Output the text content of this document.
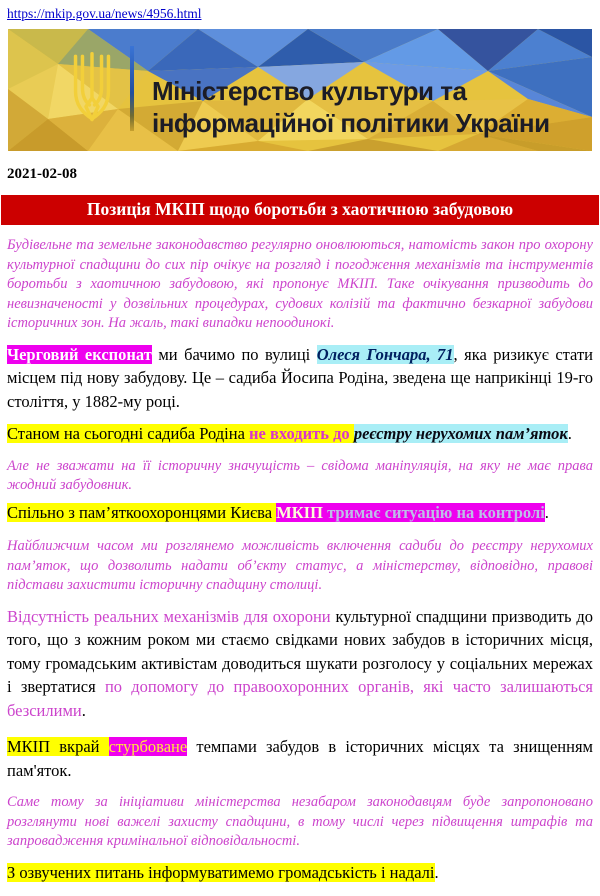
https://mkip.gov.ua/news/4956.html
Міністерство культури та
інформаційної політики України
2021-02-08
Позиція МКІП щодо боротьби з хаотичною забудовою

Будівельне та земельне законодавство регулярно оновлюються, натомість закон про охорону культурної спадщини до сих пір очікує на розгляд і погодження механізмів та інструментів боротьби з хаотичною забудовою, які пропонує МКІП. Таке очікування призводить до невизначеності у дозвільних процедурах, судових колізій та фактично безкарної забудови історичних зон. На жаль, такі випадки непоодинокі.

Черговий експонат ми бачимо по вулиці Олеся Гончара, 71, яка ризикує стати місцем під нову забудову. Це – садиба Йосипа Родіна, зведена ще наприкінці 19-го століття, у 1882-му році.

Станом на сьогодні садиба Родіна не входить до реєстру нерухомих пам’яток.

Але не зважати на її історичну значущість – свідома маніпуляція, на яку не має права жодний забудовник.

Спільно з пам’яткоохоронцями Києва МКІП тримає ситуацію на контролі.

Найближчим часом ми розглянемо можливість включення садиби до реєстру нерухомих пам’яток, що дозволить надати об’єкту статус, а міністерству, відповідно, правові підстави захистити історичну спадщину столиці.

Відсутність реальних механізмів для охорони культурної спадщини призводить до того, що з кожним роком ми стаємо свідками нових забудов в історичних місця, тому громадським активістам доводиться шукати розголосу у соціальних мережах і звертатися по допомогу до правоохоронних органів, які часто залишаються безсилими.

МКІП вкрай стурбоване темпами забудов в історичних місцях та знищенням пам'яток.

Саме тому за ініціативи міністерства незабаром законодавцям буде запропоновано розглянути нові важелі захисту спадщини, в тому числі через підвищення штрафів та запровадження кримінальної відповідальності.

З озвучених питань інформуватимемо громадськість і надалі.
